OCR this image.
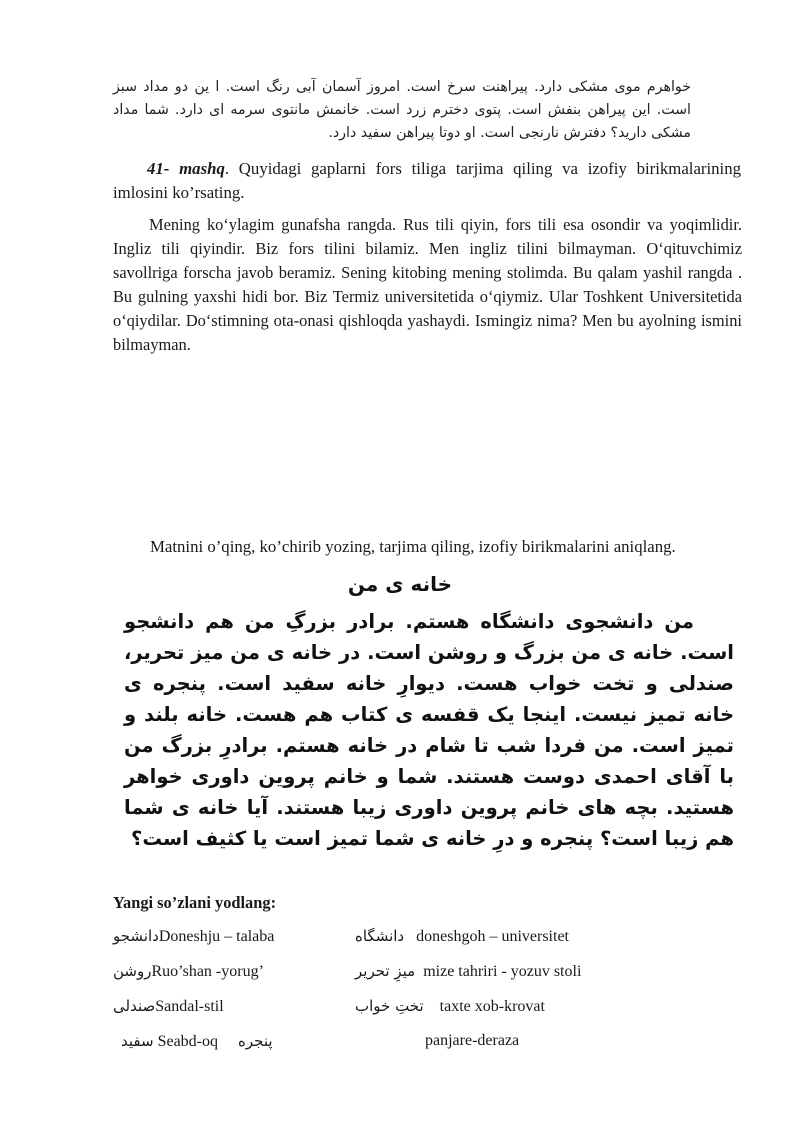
خواهرم موی مشکی دارد. پیراهنت سرخ است. امروز آسمان آبی رنگ است. ا ین دو مداد سبز است. این پیراهن بنفش است. پتوی دخترم زرد است. خانمش مانتوی سرمه ای دارد. شما مداد مشکی دارید؟ دفترش نارنجی است. او دوتا پیراهن سفید دارد.

41- mashq. Quyidagi gaplarni fors tiliga tarjima qiling va izofiy birikmalarining imlosini ko’rsating.

Mening ko‘ylagim gunafsha rangda. Rus tili qiyin, fors tili esa osondir va yoqimlidir. Ingliz tili qiyindir. Biz fors tilini bilamiz. Men ingliz tilini bilmayman. O‘qituvchimiz savollriga forscha javob beramiz. Sening kitobing mening stolimda. Bu qalam yashil rangda . Bu gulning yaxshi hidi bor. Biz Termiz universitetida o‘qiymiz. Ular Toshkent Universitetida o‘qiydilar. Do‘stimning ota-onasi qishloqda yashaydi. Ismingiz nima? Men bu ayolning ismini bilmayman.

Matnini o’qing, ko’chirib yozing, tarjima qiling, izofiy birikmalarini aniqlang.
خانه ی من

من دانشجوی دانشگاه هستم. برادر بزرگِ من هم دانشجو است. خانه ی من بزرگ و روشن است. در خانه ی من میز تحریر، صندلی و تخت خواب هست. دیوارِ خانه سفید است. پنجره ی خانه تمیز نیست. اینجا یک قفسه ی کتاب هم هست. خانه بلند و تمیز است. من فردا شب تا شام در خانه هستم. برادرِ بزرگ من با آقای احمدی دوست هستند. شما و خانم پروین داوری خواهر هستید. بچه های خانم پروین داوری زیبا هستند. آیا خانه ی شما هم زیبا است؟ پنجره و درِ خانه ی شما تمیز است یا کثیف است؟

Yangi so’zlani yodlang:
دانشجوDoneshju – talaba	دانشگاه doneshgoh – universitet
روشنRuo’shan -yorug’	میزِ تحریر mize tahriri - yozuv stoli
صندلیSandal-stil	تختِ خواب taxte xob-krovat
سفید Seabd-oq پنجره	panjare-deraza
